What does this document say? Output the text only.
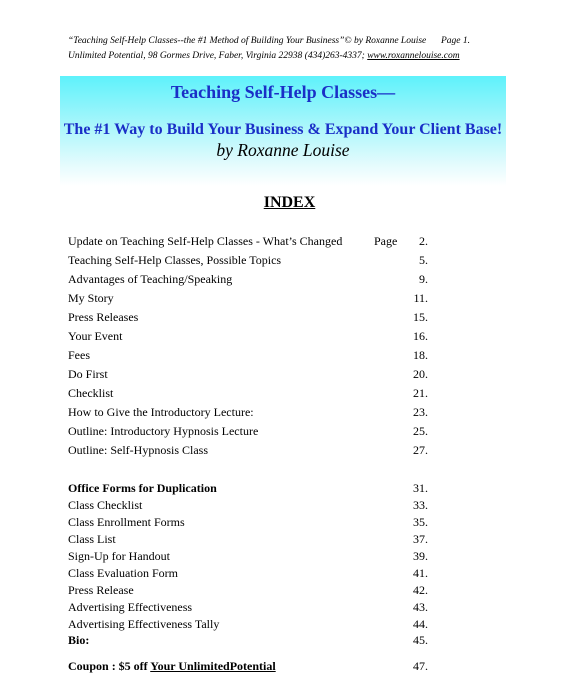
“Teaching Self-Help Classes--the #1 Method of Building Your Business”© by Roxanne Louise Page 1.
Unlimited Potential, 98 Gormes Drive, Faber, Virginia 22938 (434)263-4337; www.roxannelouise.com
Teaching Self-Help Classes—
The #1 Way to Build Your Business & Expand Your Client Base!
by Roxanne Louise
INDEX
Update on Teaching Self-Help Classes - What’s Changed	Page 2.
Teaching Self-Help Classes, Possible Topics	5.
Advantages of Teaching/Speaking	9.
My Story	11.
Press Releases	15.
Your Event	16.
Fees	18.
Do First	20.
Checklist	21.
How to Give the Introductory Lecture:	23.
Outline: Introductory Hypnosis Lecture	25.
Outline: Self-Hypnosis Class	27.
Office Forms for Duplication	31.
Class Checklist	33.
Class Enrollment Forms	35.
Class List	37.
Sign-Up for Handout	39.
Class Evaluation Form	41.
Press Release	42.
Advertising Effectiveness	43.
Advertising Effectiveness Tally	44.
Bio:	45.
Coupon : $5 off Your UnlimitedPotential	47.
